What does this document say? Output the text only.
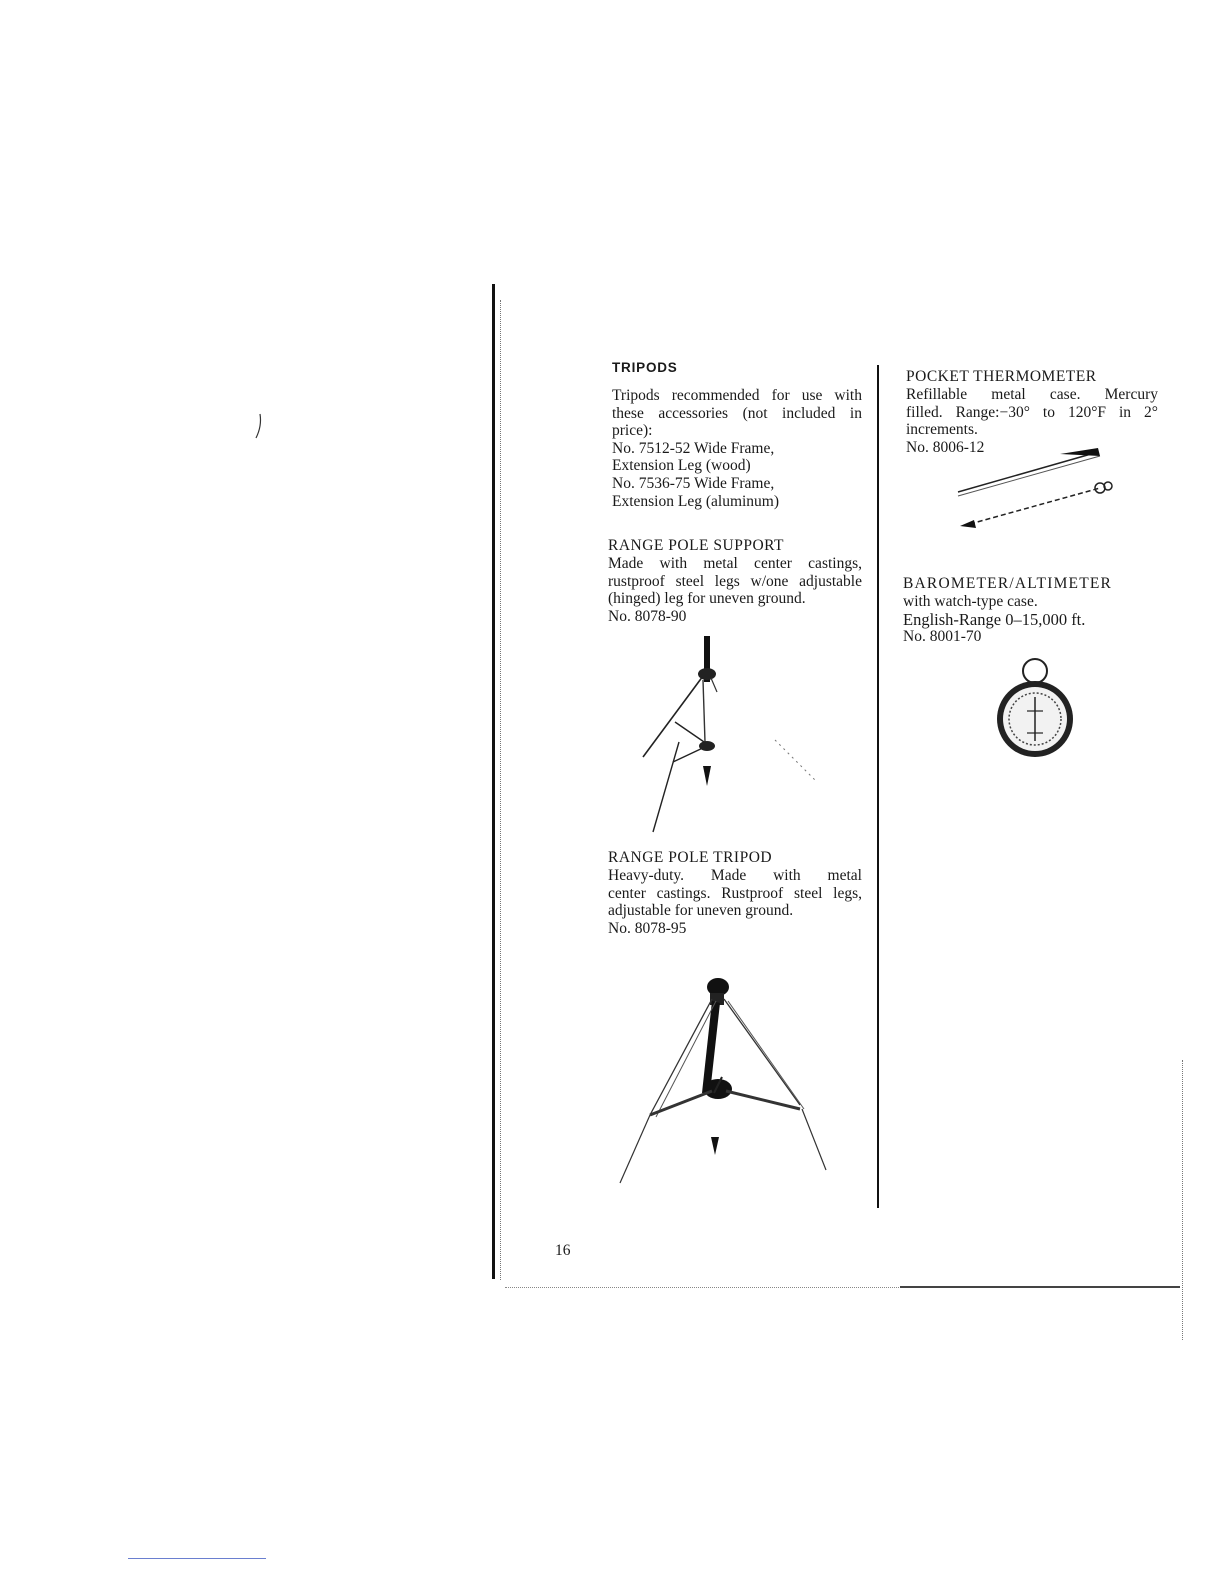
TRIPODS

Tripods recommended for use with

these accessories (not included in

price):

No. 7512-52 Wide Frame,

Extension Leg (wood)

No. 7536-75 Wide Frame,

Extension Leg (aluminum)

RANGE POLE SUPPORT

Made with metal center castings,

rustproof steel legs w/one adjustable

(hinged) leg for uneven ground.

No. 8078-90

RANGE POLE TRIPOD

Heavy-duty. Made with metal

center castings. Rustproof steel legs,

adjustable for uneven ground.

No. 8078-95

POCKET THERMOMETER

Refillable metal case. Mercury

filled. Range:−30° to 120°F in 2°

increments.

No. 8006-12

BAROMETER/ALTIMETER

with watch-type case.

English-Range 0–15,000 ft.

No. 8001-70

16
